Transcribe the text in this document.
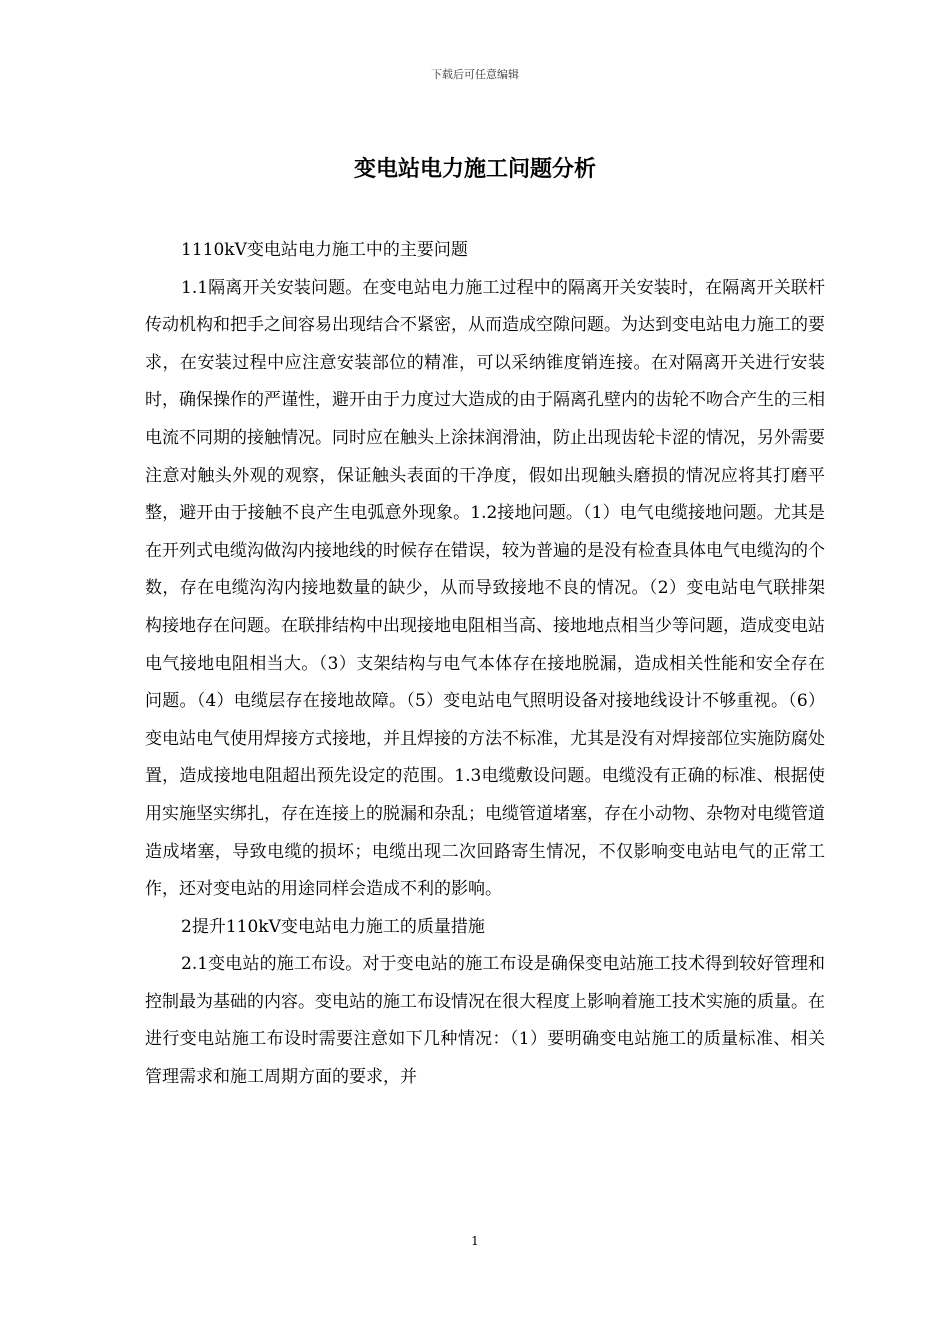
下载后可任意编辑
变电站电力施工问题分析

1110kV变电站电力施工中的主要问题

1.1隔离开关安装问题。在变电站电力施工过程中的隔离开关安装时，在隔离开关联杆传动机构和把手之间容易出现结合不紧密，从而造成空隙问题。为达到变电站电力施工的要求，在安装过程中应注意安装部位的精准，可以采纳锥度销连接。在对隔离开关进行安装时，确保操作的严谨性，避开由于力度过大造成的由于隔离孔壁内的齿轮不吻合产生的三相电流不同期的接触情况。同时应在触头上涂抹润滑油，防止出现齿轮卡涩的情况，另外需要注意对触头外观的观察，保证触头表面的干净度，假如出现触头磨损的情况应将其打磨平整，避开由于接触不良产生电弧意外现象。1.2接地问题。（1）电气电缆接地问题。尤其是在开列式电缆沟做沟内接地线的时候存在错误，较为普遍的是没有检查具体电气电缆沟的个数，存在电缆沟沟内接地数量的缺少，从而导致接地不良的情况。（2）变电站电气联排架构接地存在问题。在联排结构中出现接地电阻相当高、接地地点相当少等问题，造成变电站电气接地电阻相当大。（3）支架结构与电气本体存在接地脱漏，造成相关性能和安全存在问题。（4）电缆层存在接地故障。（5）变电站电气照明设备对接地线设计不够重视。（6）变电站电气使用焊接方式接地，并且焊接的方法不标准，尤其是没有对焊接部位实施防腐处置，造成接地电阻超出预先设定的范围。1.3电缆敷设问题。电缆没有正确的标准、根据使用实施坚实绑扎，存在连接上的脱漏和杂乱；电缆管道堵塞，存在小动物、杂物对电缆管道造成堵塞，导致电缆的损坏；电缆出现二次回路寄生情况，不仅影响变电站电气的正常工作，还对变电站的用途同样会造成不利的影响。

2提升110kV变电站电力施工的质量措施

2.1变电站的施工布设。对于变电站的施工布设是确保变电站施工技术得到较好管理和控制最为基础的内容。变电站的施工布设情况在很大程度上影响着施工技术实施的质量。在进行变电站施工布设时需要注意如下几种情况：（1）要明确变电站施工的质量标准、相关管理需求和施工周期方面的要求，并

1
